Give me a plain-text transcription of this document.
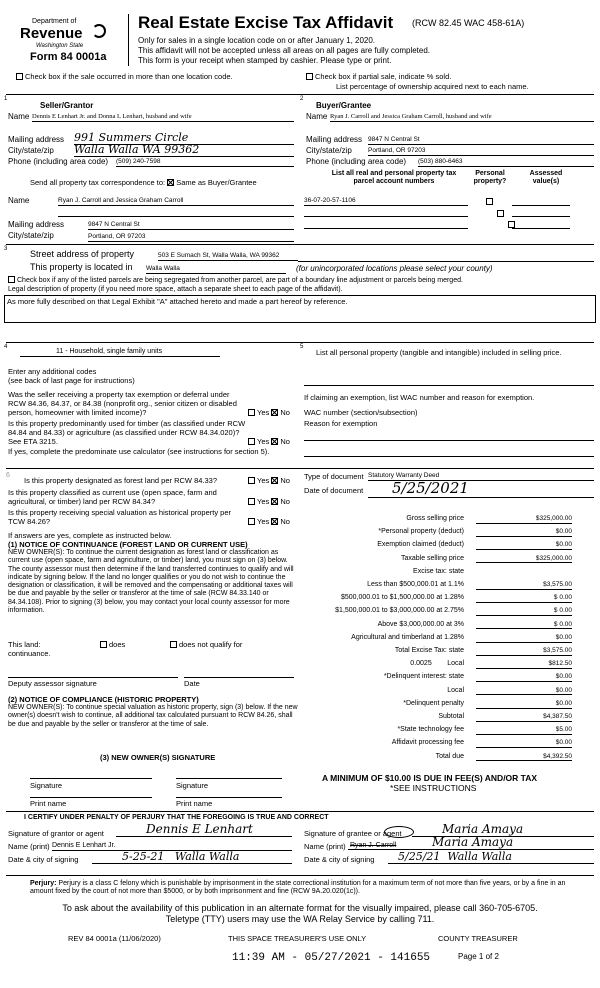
Department of
Revenue
Washington State
Form 84 0001a
Real Estate Excise Tax Affidavit (RCW 82.45 WAC 458-61A)
Only for sales in a single location code on or after January 1, 2020.
This affidavit will not be accepted unless all areas on all pages are fully completed.
This form is your receipt when stamped by cashier. Please type or print.
Check box if the sale occurred in more than one location code.	Check box if partial sale, indicate % sold.
List percentage of ownership acquired next to each name.
1	2
Seller/Grantor
Name Dennis E Lenhart Jr. and Donna L Lenhart, husband and wife
Mailing address 991 Summers Circle
City/state/zip Walla Walla WA 99362
Phone (including area code) (509) 240-7598
Send all property tax correspondence to: Same as Buyer/Grantee
Name	Ryan J. Carroll and Jessica Graham Carroll
Mailing address	9847 N Central St
City/state/zip	Portland, OR 97203
Buyer/Grantee
Name Ryan J. Carroll and Jessica Graham Carroll, husband and wife
Mailing address 9847 N Central St
City/state/zip Portland, OR 97203
Phone (including area code) (503) 880-6463
List all real and personal property tax parcel account numbers
Personal property?
Assessed value(s)
36-07-20-57-1106

3	Street address of property	503 E Sumach St, Walla Walla, WA 99362
This property is located in Walla Walla	(for unincorporated locations please select your county)
Check box if any of the listed parcels are being segregated from another parcel, are part of a boundary line adjustment or parcels being merged.
Legal description of property (if you need more space, attach a separate sheet to each page of the affidavit).
As more fully described on that Legal Exhibit "A" attached hereto and made a part hereof by reference.
4	5
11 - Household, single family units
Enter any additional codes
(see back of last page for instructions)
Was the seller receiving a property tax exemption or deferral under RCW 84.36, 84.37, or 84.38 (nonprofit org., senior citizen or disabled person, homeowner with limited income)?	Yes No
Is this property predominantly used for timber (as classified under RCW 84.84 and 84.33) or agriculture (as classified under RCW 84.34.020)? See ETA 3215.	Yes No
If yes, complete the predominate use calculator (see instructions for section 5).
6
Is this property designated as forest land per RCW 84.33?	Yes No
Is this property classified as current use (open space, farm and agricultural, or timber) land per RCW 84.34?	Yes No
Is this property receiving special valuation as historical property per TCW 84.26?	Yes No
If answers are yes, complete as instructed below.
(1) NOTICE OF CONTINUANCE (FOREST LAND OR CURRENT USE)
NEW OWNER(S): To continue the current designation as forest land or classification as current use (open space, farm and agriculture, or timber) land, you must sign on (3) below. The county assessor must then determine if the land transferred continues to qualify and will indicate by signing below. If the land no longer qualifies or you do not wish to continue the designation or classification, it will be removed and the compensating or additional taxes will be due and payable by the seller or transferor at the time of sale (RCW 84.33.140 or 84.34.108). Prior to signing (3) below, you may contact your local county assessor for more information.
This land:
continuance.
does	does not qualify for
Deputy assessor signature	Date
(2) NOTICE OF COMPLIANCE (HISTORIC PROPERTY)
NEW OWNER(S): To continue special valuation as historic property, sign (3) below. If the new owner(s) doesn't wish to continue, all additional tax calculated pursuant to RCW 84.26, shall be due and payable by the seller or transferor at the time of sale.
(3) NEW OWNER(S) SIGNATURE
Signature	Signature
Print name	Print name
List all personal property (tangible and intangible) included in selling price.
If claiming an exemption, list WAC number and reason for exemption.
WAC number (section/subsection)
Reason for exemption
Type of document Statutory Warranty Deed
Date of document	5/25/2021
Gross selling price	$325,000.00
*Personal property (deduct)	$0.00
Exemption claimed (deduct)	$0.00
Taxable selling price	$325,000.00
Excise tax: state
Less than $500,000.01 at 1.1%	$3,575.00
$500,000.01 to $1,500,000.00 at 1.28%	$ 0.00
$1,500,000.01 to $3,000,000.00 at 2.75%	$ 0.00
Above $3,000,000.00 at 3%	$ 0.00
Agricultural and timberland at 1.28%	$0.00
Total Excise Tax: state	$3,575.00
0.0025        Local	$812.50
*Delinquent interest: state	$0.00
Local	$0.00
*Delinquent penalty	$0.00
Subtotal	$4,387.50
*State technology fee	$5.00
Affidavit processing fee	$0.00
Total due	$4,392.50
A MINIMUM OF $10.00 IS DUE IN FEE(S) AND/OR TAX
*SEE INSTRUCTIONS
I CERTIFY UNDER PENALTY OF PERJURY THAT THE FOREGOING IS TRUE AND CORRECT
Signature of grantor or agent	Dennis E Lenhart
Name (print) Dennis E Lenhart Jr.
Date & city of signing	5-25-21   Walla Walla
Signature of grantee or agent	Maria Amaya
Name (print) Ryan J. Carroll	Maria Amaya
Date & city of signing	5/25/21  Walla Walla
Perjury: Perjury is a class C felony which is punishable by imprisonment in the state correctional institution for a maximum term of not more than five years, or by a fine in an amount fixed by the court of not more than $5000, or by both imprisonment and fine (RCW 9A.20.020(1c)).
To ask about the availability of this publication in an alternate format for the visually impaired, please call 360-705-6705.
Teletype (TTY) users may use the WA Relay Service by calling 711.
REV 84 0001a (11/06/2020)	THIS SPACE TREASURER'S USE ONLY	COUNTY TREASURER
11:39 AM - 05/27/2021 - 141655	Page 1 of 2
